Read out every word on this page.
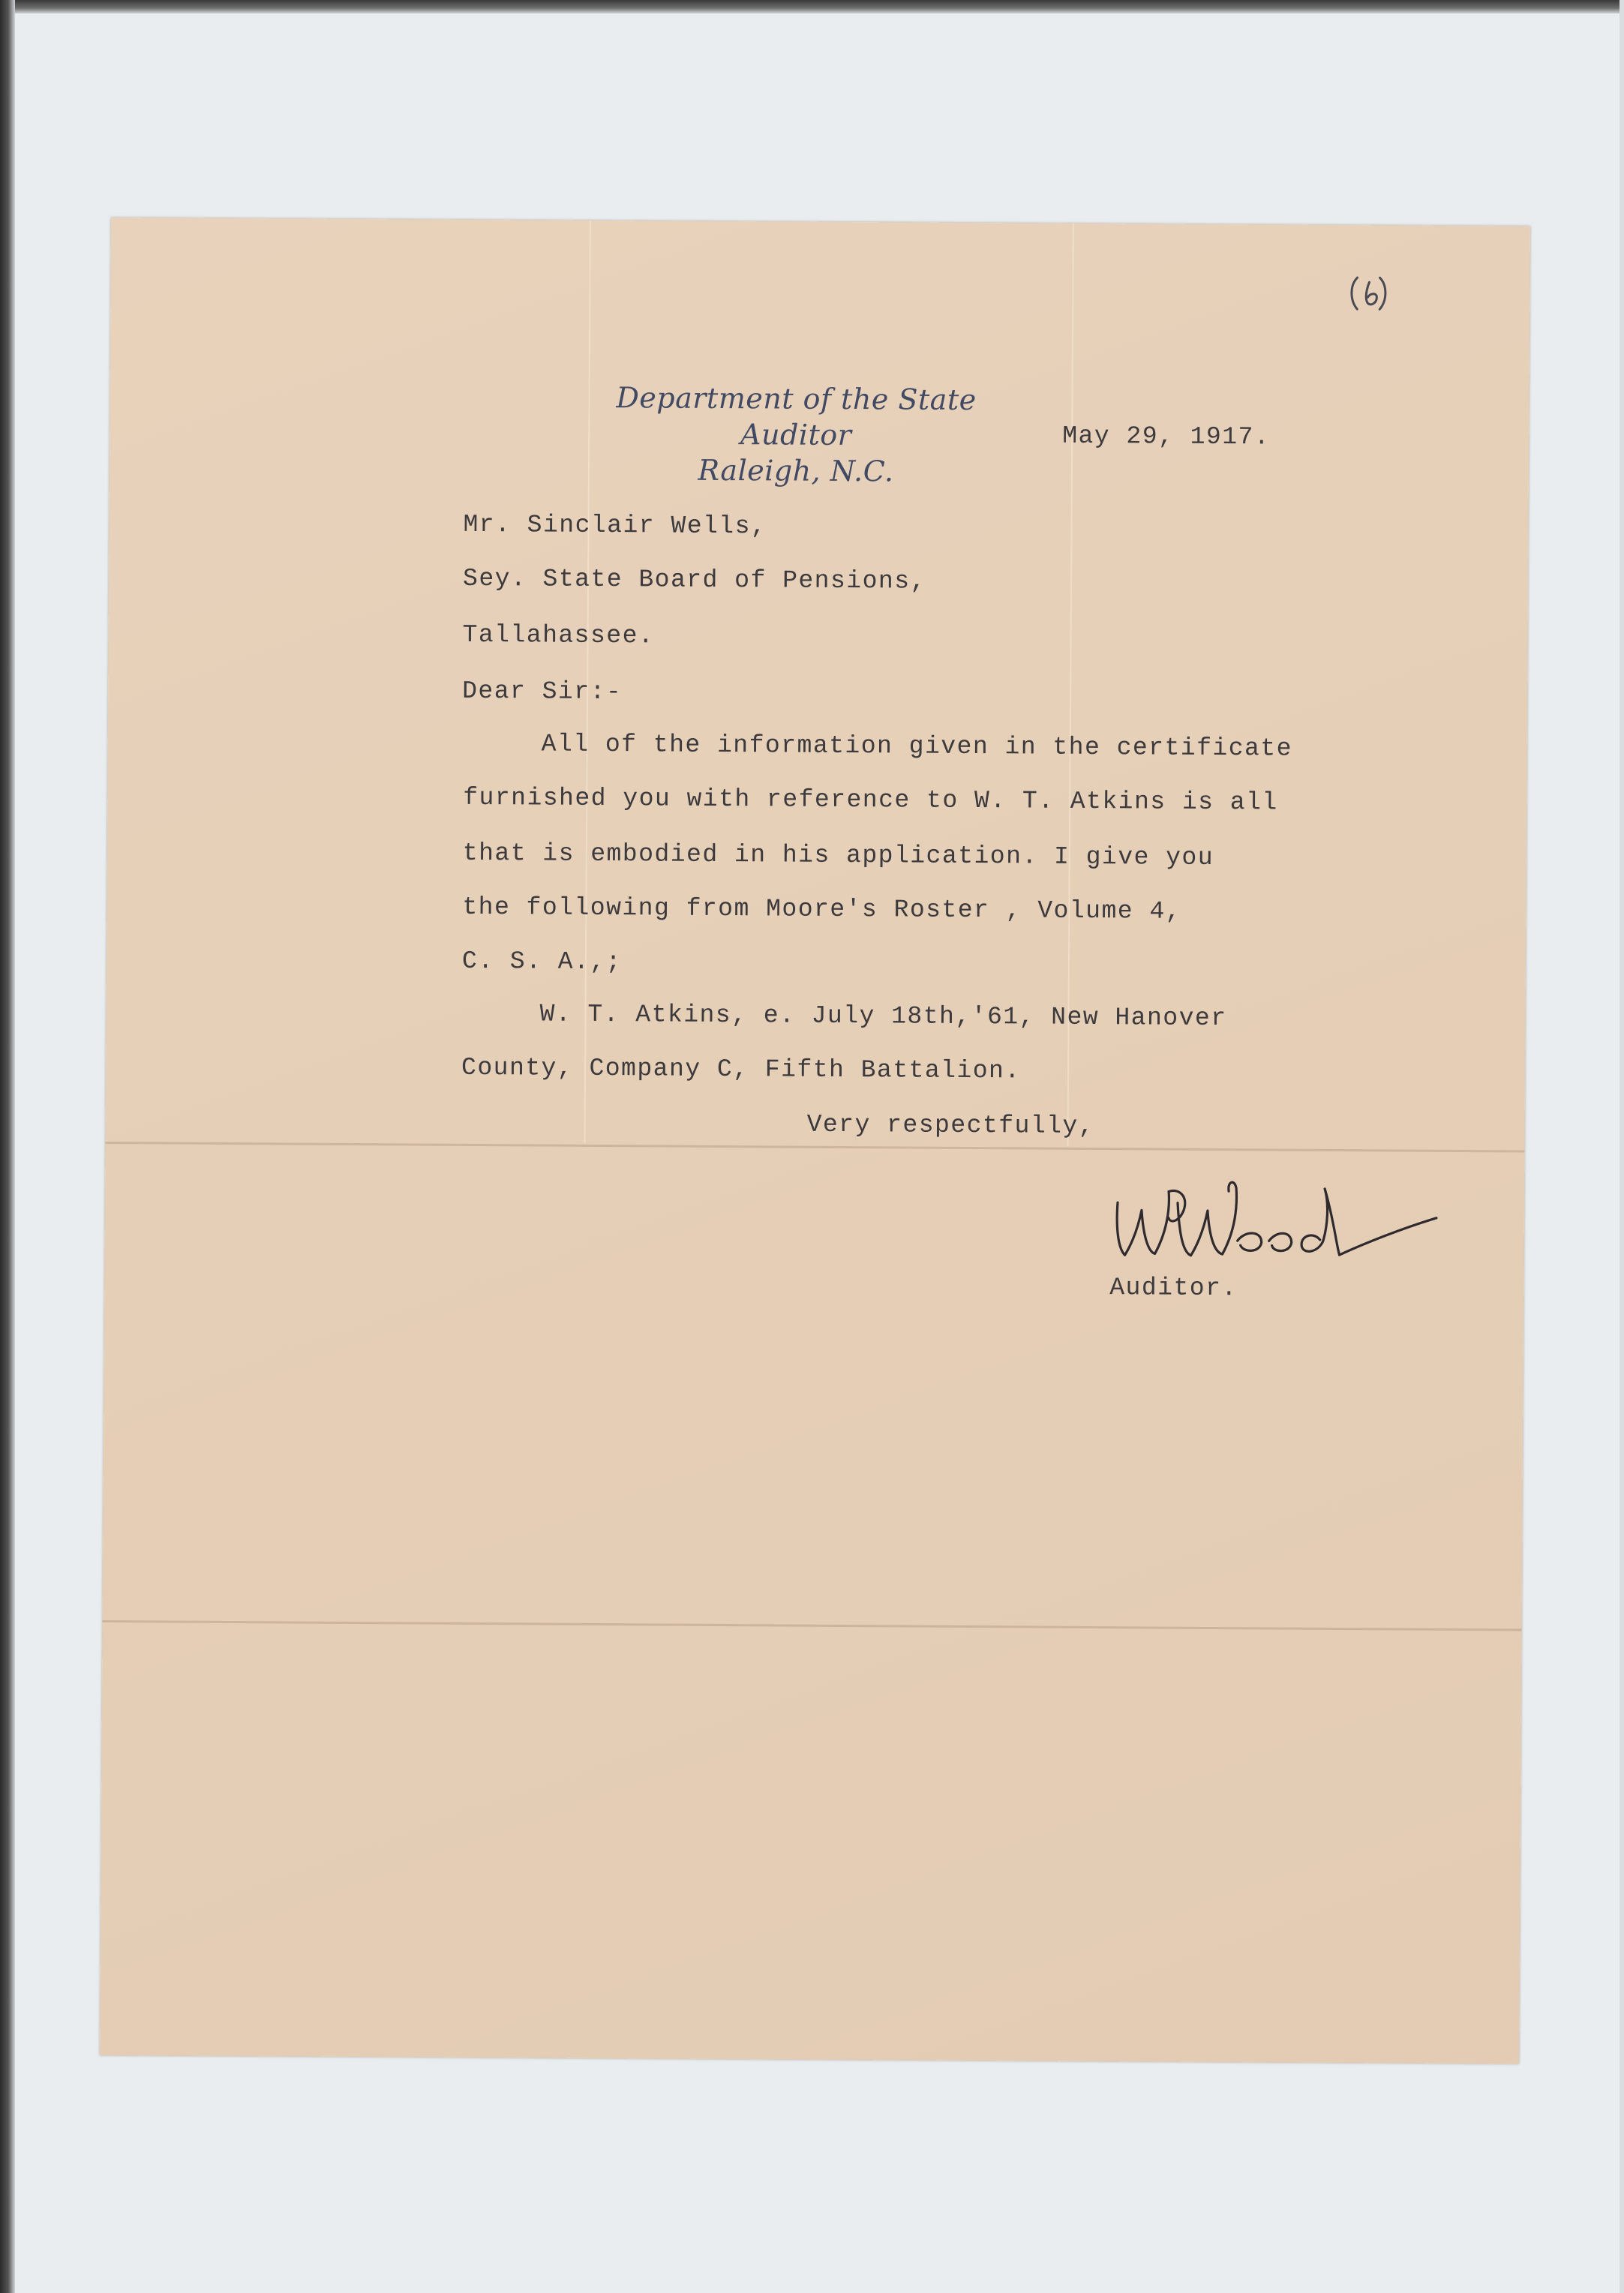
Department of the State Auditor
Raleigh, N.C.
May 29, 1917.
Mr. Sinclair Wells,
Sey. State Board of Pensions,
Tallahassee.
Dear Sir:-
All of the information given in the certificate
furnished you with reference to W. T. Atkins is all
that is embodied in his application. I give you
the following from Moore's Roster , Volume 4,
C. S. A.,;
W. T. Atkins, e. July 18th,'61, New Hanover
County, Company C, Fifth Battalion.
Very respectfully,
Auditor.
